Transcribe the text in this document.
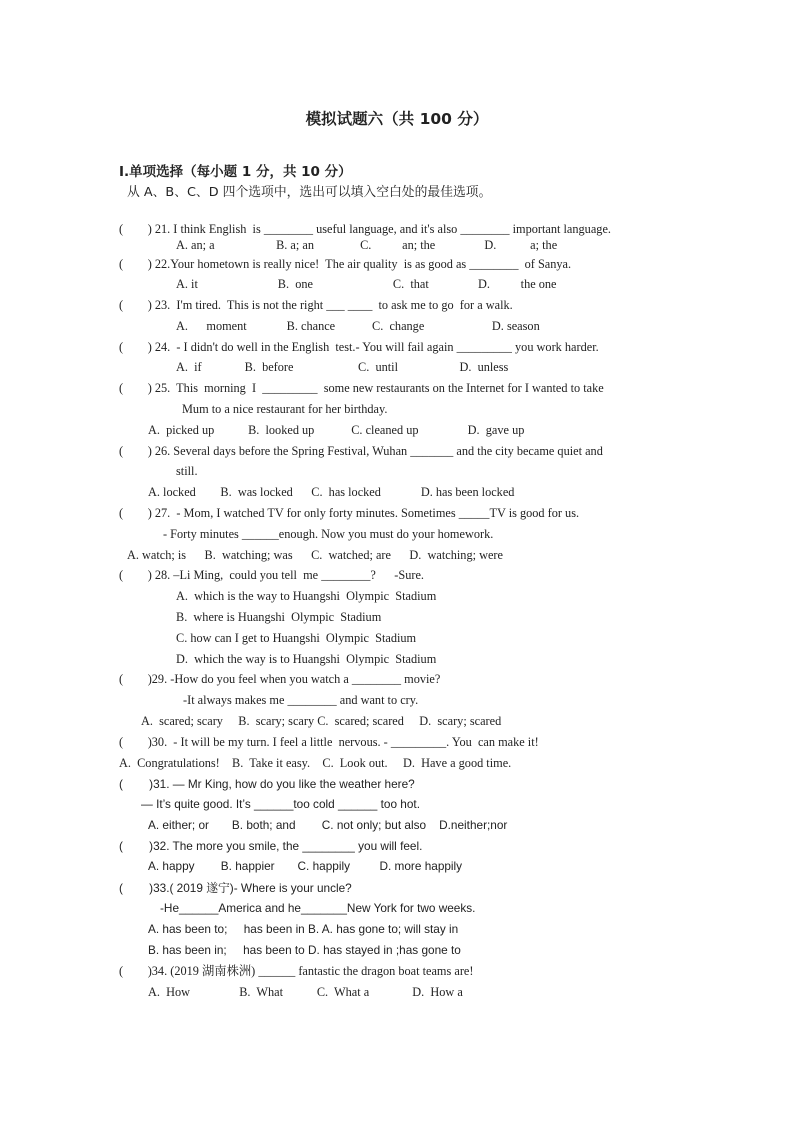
模拟试题六（共 100 分）
I.单项选择（每小题 1 分，共 10 分）
从 A、B、C、D 四个选项中，选出可以填入空白处的最佳选项。
(        ) 21. I think English  is ________ useful language, and it's also ________ important language.
A. an; a                    B. a; an               C.          an; the                D.           a; the
(        ) 22.Your hometown is really nice!  The air quality  is as good as ________  of Sanya.
A. it                          B.  one                          C.  that                D.          the one
(        ) 23.  I'm tired.  This is not the right ___ ____  to ask me to go  for a walk.
A.      moment             B. chance            C.  change                      D. season
(        ) 24.  - I didn't do well in the English  test.- You will fail again _________ you work harder.
A.  if              B.  before                     C.  until                    D.  unless
(        ) 25.  This  morning  I  _________  some new restaurants on the Internet for I wanted to take
Mum to a nice restaurant for her birthday.
A.  picked up           B.  looked up            C. cleaned up                D.  gave up
(        ) 26. Several days before the Spring Festival, Wuhan _______ and the city became quiet and
still.
A. locked        B.  was locked      C.  has locked             D. has been locked
(        ) 27.  - Mom, I watched TV for only forty minutes. Sometimes _____TV is good for us.
- Forty minutes ______enough. Now you must do your homework.
A. watch; is      B.  watching; was      C.  watched; are      D.  watching; were
(        ) 28. –Li Ming,  could you tell  me ________?      -Sure.
A.  which is the way to Huangshi  Olympic  Stadium
B.  where is Huangshi  Olympic  Stadium
C. how can I get to Huangshi  Olympic  Stadium
D.  which the way is to Huangshi  Olympic  Stadium
(        )29. -How do you feel when you watch a ________ movie?
-It always makes me ________ and want to cry.
A.  scared; scary     B.  scary; scary C.  scared; scared     D.  scary; scared
(        )30.  - It will be my turn. I feel a little  nervous. - _________. You  can make it!
A.  Congratulations!    B.  Take it easy.    C.  Look out.     D.  Have a good time.
(        )31. — Mr King, how do you like the weather here?
— It’s quite good. It’s ______too cold ______ too hot.
A. either; or       B. both; and        C. not only; but also    D.neither;nor
(        )32. The more you smile, the ________ you will feel.
A. happy        B. happier       C. happily         D. more happily
(        )33.( 2019 遂宁)- Where is your uncle?
-He______America and he_______New York for two weeks.
A. has been to;     has been in B. A. has gone to; will stay in
B. has been in;     has been to D. has stayed in ;has gone to
(        )34. (2019 湖南株洲) ______ fantastic the dragon boat teams are!
A.  How                B.  What           C.  What a              D.  How a
